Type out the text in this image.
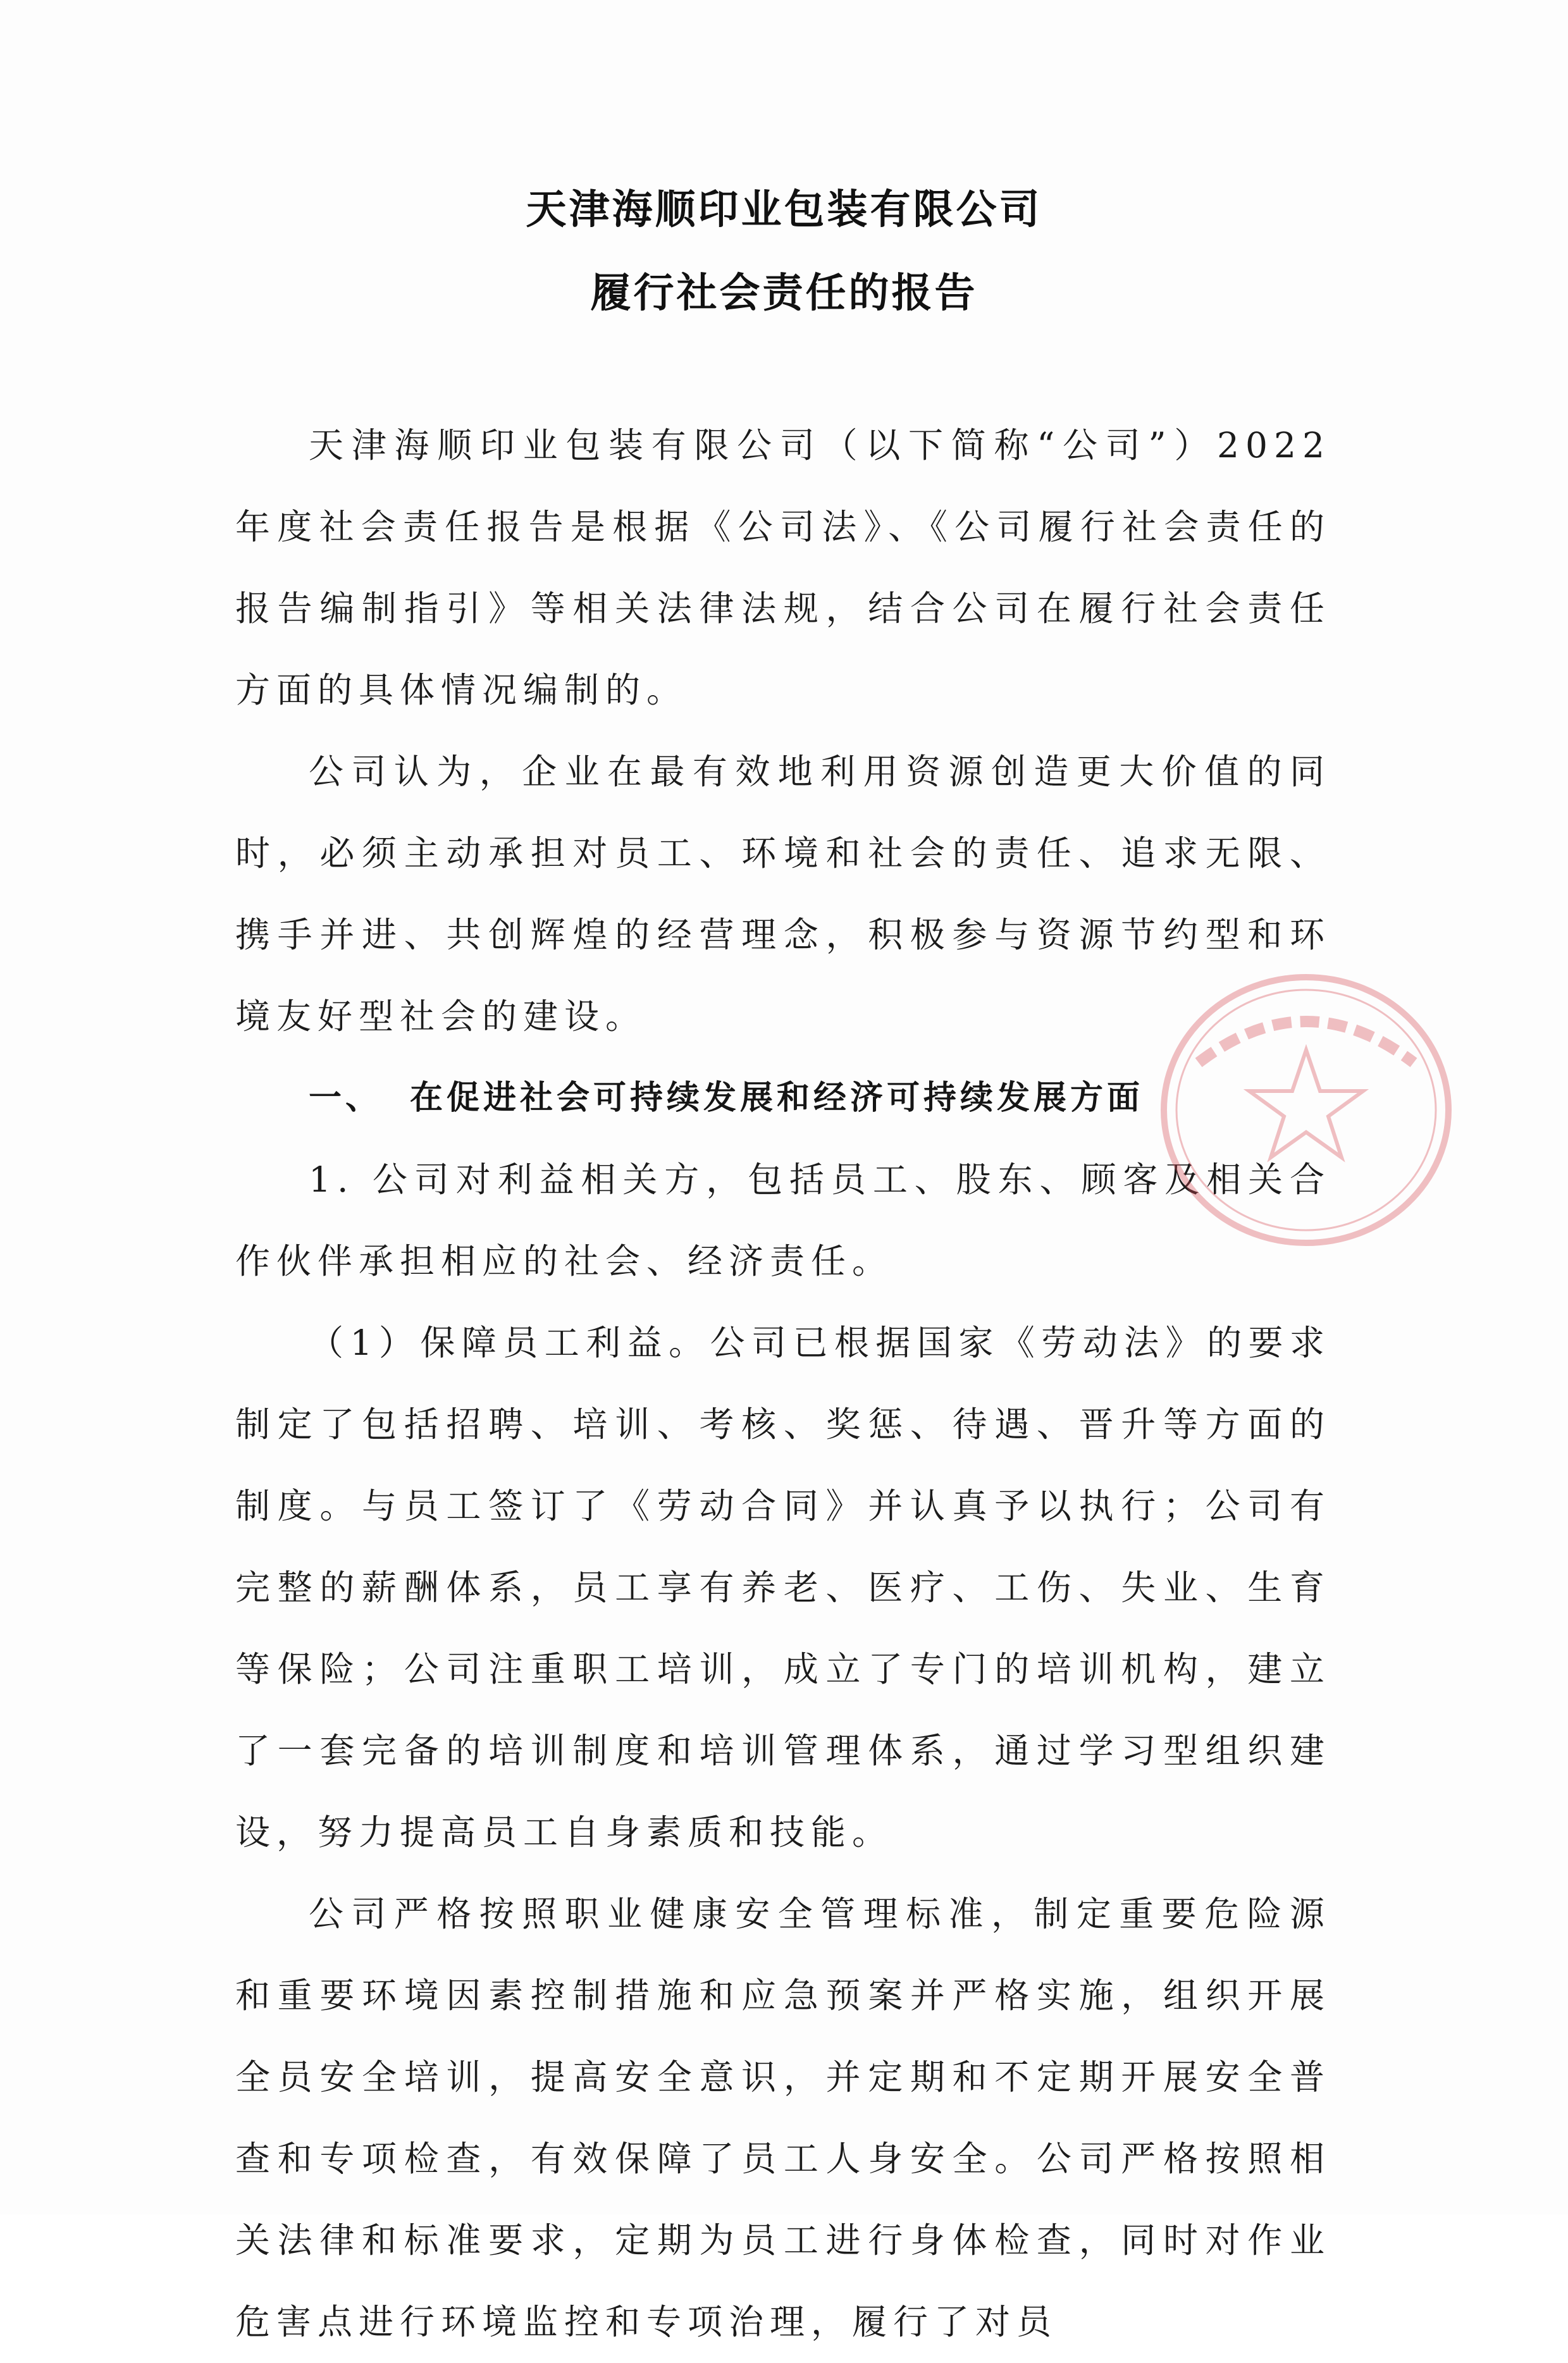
天津海顺印业包装有限公司
履行社会责任的报告

天津海顺印业包装有限公司（以下简称“公司”）2022年度社会责任报告是根据《公司法》、《公司履行社会责任的报告编制指引》等相关法律法规，结合公司在履行社会责任方面的具体情况编制的。

公司认为，企业在最有效地利用资源创造更大价值的同时，必须主动承担对员工、环境和社会的责任、追求无限、携手并进、共创辉煌的经营理念，积极参与资源节约型和环境友好型社会的建设。

一、 在促进社会可持续发展和经济可持续发展方面

1. 公司对利益相关方，包括员工、股东、顾客及相关合作伙伴承担相应的社会、经济责任。

（1）保障员工利益。公司已根据国家《劳动法》的要求制定了包括招聘、培训、考核、奖惩、待遇、晋升等方面的制度。与员工签订了《劳动合同》并认真予以执行；公司有完整的薪酬体系，员工享有养老、医疗、工伤、失业、生育等保险；公司注重职工培训，成立了专门的培训机构，建立了一套完备的培训制度和培训管理体系，通过学习型组织建设，努力提高员工自身素质和技能。

公司严格按照职业健康安全管理标准，制定重要危险源和重要环境因素控制措施和应急预案并严格实施，组织开展全员安全培训，提高安全意识，并定期和不定期开展安全普查和专项检查，有效保障了员工人身安全。公司严格按照相关法律和标准要求，定期为员工进行身体检查，同时对作业危害点进行环境监控和专项治理，履行了对员
